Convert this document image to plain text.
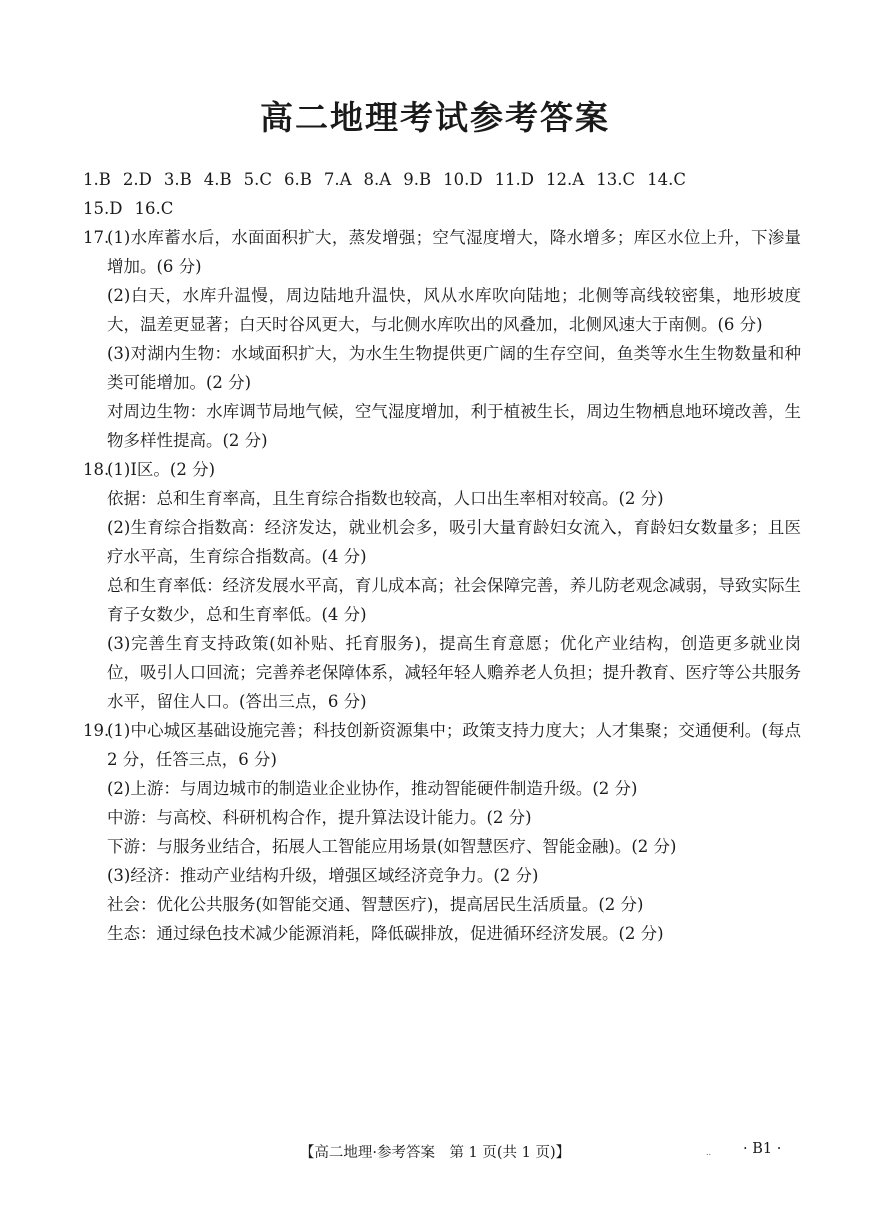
高二地理考试参考答案

1.B 2.D 3.B 4.B 5.C 6.B 7.A 8.A 9.B 10.D 11.D 12.A 13.C 14.C

15.D 16.C

17.

(1)水库蓄水后，水面面积扩大，蒸发增强；空气湿度增大，降水增多；库区水位上升，下渗量增加。(6 分)

(2)白天，水库升温慢，周边陆地升温快，风从水库吹向陆地；北侧等高线较密集，地形坡度大，温差更显著；白天时谷风更大，与北侧水库吹出的风叠加，北侧风速大于南侧。(6 分)

(3)对湖内生物：水域面积扩大，为水生生物提供更广阔的生存空间，鱼类等水生生物数量和种类可能增加。(2 分)

对周边生物：水库调节局地气候，空气湿度增加，利于植被生长，周边生物栖息地环境改善，生物多样性提高。(2 分)

18.

(1)Ⅰ区。(2 分)

依据：总和生育率高，且生育综合指数也较高，人口出生率相对较高。(2 分)

(2)生育综合指数高：经济发达，就业机会多，吸引大量育龄妇女流入，育龄妇女数量多；且医疗水平高，生育综合指数高。(4 分)

总和生育率低：经济发展水平高，育儿成本高；社会保障完善，养儿防老观念减弱，导致实际生育子女数少，总和生育率低。(4 分)

(3)完善生育支持政策(如补贴、托育服务)，提高生育意愿；优化产业结构，创造更多就业岗位，吸引人口回流；完善养老保障体系，减轻年轻人赡养老人负担；提升教育、医疗等公共服务水平，留住人口。(答出三点，6 分)

19.

(1)中心城区基础设施完善；科技创新资源集中；政策支持力度大；人才集聚；交通便利。(每点 2 分，任答三点，6 分)

(2)上游：与周边城市的制造业企业协作，推动智能硬件制造升级。(2 分)

中游：与高校、科研机构合作，提升算法设计能力。(2 分)

下游：与服务业结合，拓展人工智能应用场景(如智慧医疗、智能金融)。(2 分)

(3)经济：推动产业结构升级，增强区域经济竞争力。(2 分)

社会：优化公共服务(如智能交通、智慧医疗)，提高居民生活质量。(2 分)

生态：通过绿色技术减少能源消耗，降低碳排放，促进循环经济发展。(2 分)

【高二地理·参考答案　第 1 页(共 1 页)】	.. · B1 ·
